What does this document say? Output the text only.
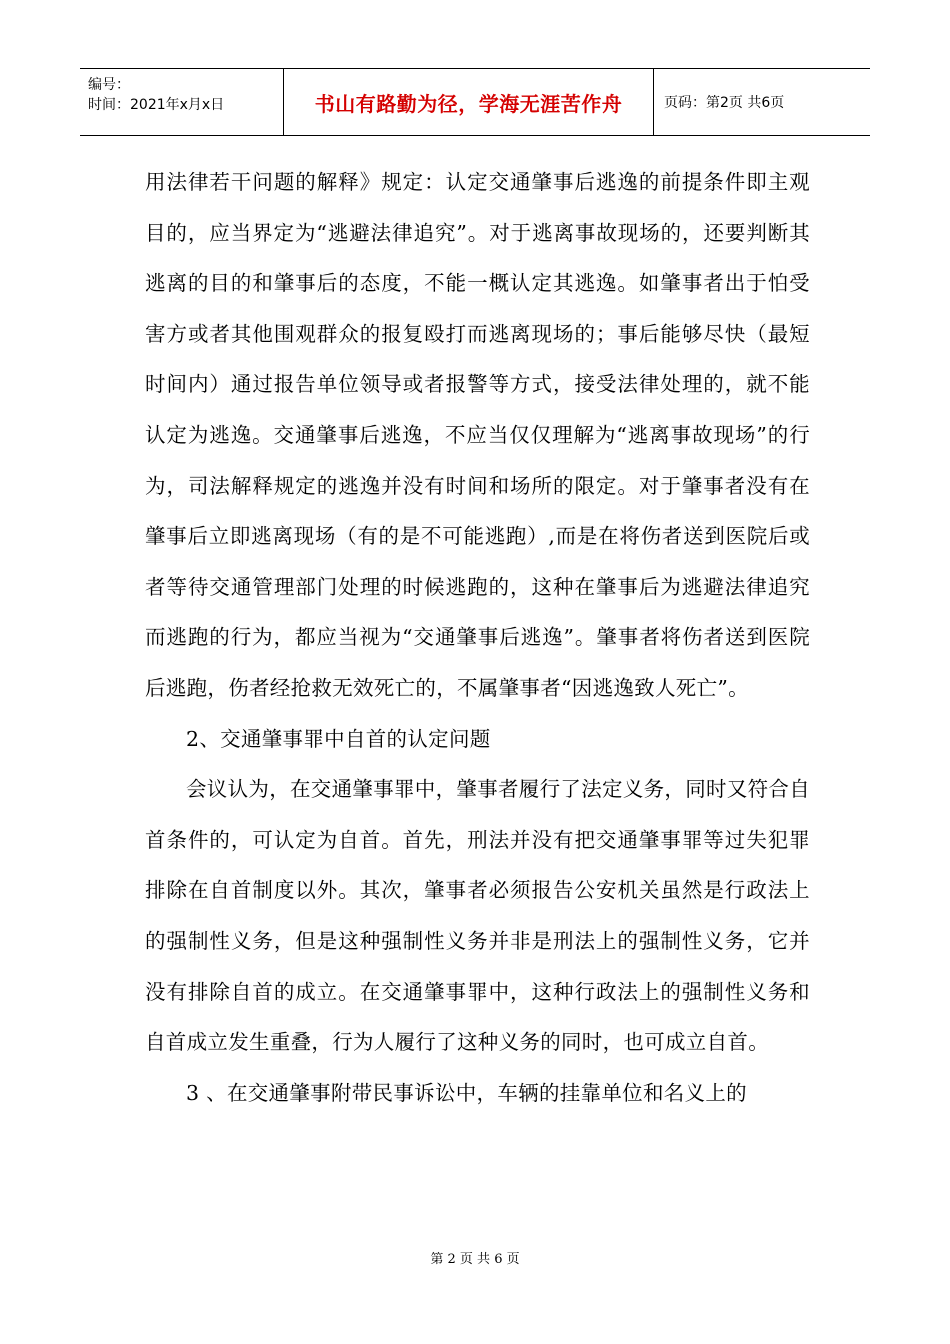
编号：
时间：2021年x月x日	书山有路勤为径，学海无涯苦作舟	页码：第2页 共6页

用法律若干问题的解释》规定：认定交通肇事后逃逸的前提条件即主观目的，应当界定为“逃避法律追究”。对于逃离事故现场的，还要判断其逃离的目的和肇事后的态度，不能一概认定其逃逸。如肇事者出于怕受害方或者其他围观群众的报复殴打而逃离现场的；事后能够尽快（最短时间内）通过报告单位领导或者报警等方式，接受法律处理的，就不能认定为逃逸。交通肇事后逃逸，不应当仅仅理解为“逃离事故现场”的行为，司法解释规定的逃逸并没有时间和场所的限定。对于肇事者没有在肇事后立即逃离现场（有的是不可能逃跑）,而是在将伤者送到医院后或者等待交通管理部门处理的时候逃跑的，这种在肇事后为逃避法律追究而逃跑的行为，都应当视为“交通肇事后逃逸”。肇事者将伤者送到医院后逃跑，伤者经抢救无效死亡的，不属肇事者“因逃逸致人死亡”。

2、交通肇事罪中自首的认定问题

会议认为，在交通肇事罪中，肇事者履行了法定义务，同时又符合自首条件的，可认定为自首。首先，刑法并没有把交通肇事罪等过失犯罪排除在自首制度以外。其次，肇事者必须报告公安机关虽然是行政法上的强制性义务，但是这种强制性义务并非是刑法上的强制性义务，它并没有排除自首的成立。在交通肇事罪中，这种行政法上的强制性义务和自首成立发生重叠，行为人履行了这种义务的同时，也可成立自首。

3 、在交通肇事附带民事诉讼中，车辆的挂靠单位和名义上的

第 2 页 共 6 页
